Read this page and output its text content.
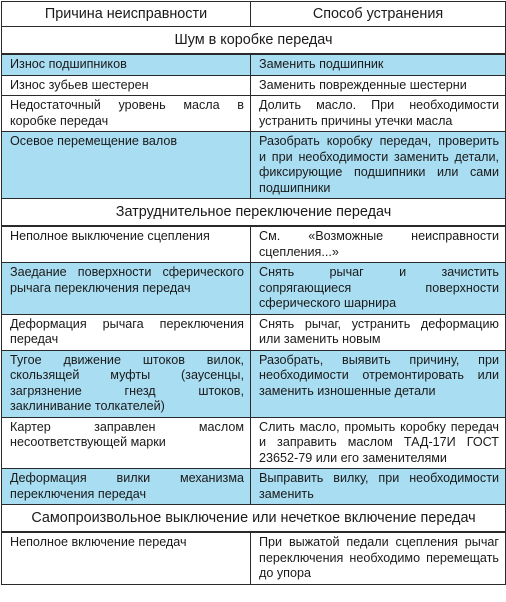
Причина неисправности	Способ устранения
Шум в коробке передач	
Износ подшипников	Заменить подшипник
Износ зубьев шестерен	Заменить поврежденные шестерни
Недостаточный уровень масла в коробке передач	Долить масло. При необходимости устранить причины утечки масла
Осевое перемещение валов	Разобрать коробку передач, проверить и при необходимости заменить детали, фиксирующие подшипники или сами подшипники
Затруднительное переключение передач	
Неполное выключение сцепления	См. «Возможные неисправности сцепления...»
Заедание поверхности сферического рычага переключения передач	Снять рычаг и зачистить сопрягающиеся поверхности сферического шарнира
Деформация рычага переключения передач	Снять рычаг, устранить деформацию или заменить новым
Тугое движение штоков вилок, скользящей муфты (заусенцы, загрязнение гнезд штоков, заклинивание толкателей)	Разобрать, выявить причину, при необходимости отремонтировать или заменить изношенные детали
Картер заправлен маслом несоответствующей марки	Слить масло, промыть коробку передач и заправить маслом ТАД-17И ГОСТ 23652-79 или его заменителями
Деформация вилки механизма переключения передач	Выправить вилку, при необходимости заменить
Самопроизвольное выключение или нечеткое включение передач	
Неполное включение передач	При выжатой педали сцепления рычаг переключения необходимо перемещать до упора
